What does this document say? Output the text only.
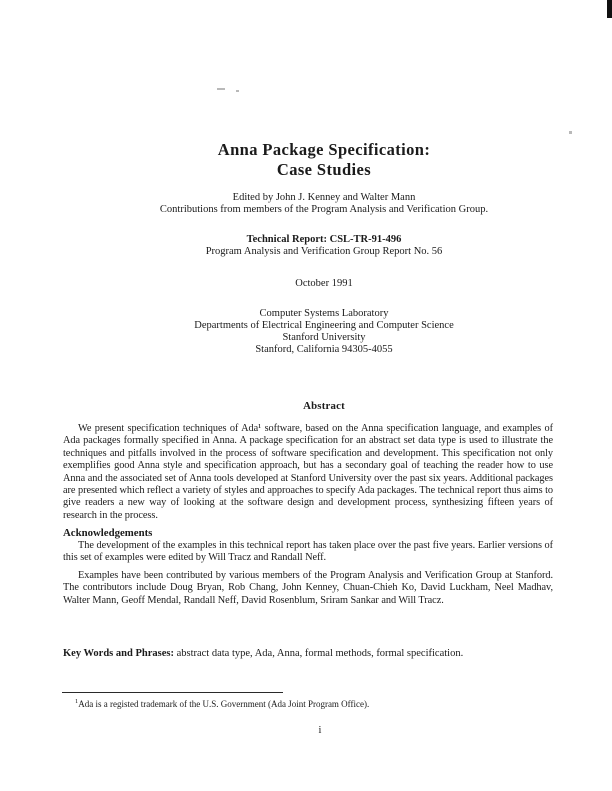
Anna Package Specification:
Case Studies
Edited by John J. Kenney and Walter Mann
Contributions from members of the Program Analysis and Verification Group.
Technical Report: CSL-TR-91-496
Program Analysis and Verification Group Report No. 56
October 1991
Computer Systems Laboratory
Departments of Electrical Engineering and Computer Science
Stanford University
Stanford, California 94305-4055
Abstract

We present specification techniques of Ada¹ software, based on the Anna specification language, and examples of Ada packages formally specified in Anna. A package specification for an abstract set data type is used to illustrate the techniques and pitfalls involved in the process of software specification and development. This specification not only exemplifies good Anna style and specification approach, but has a secondary goal of teaching the reader how to use Anna and the associated set of Anna tools developed at Stanford University over the past six years. Additional packages are presented which reflect a variety of styles and approaches to specify Ada packages. The technical report thus aims to give readers a new way of looking at the software design and development process, synthesizing fifteen years of research in the process.

Acknowledgements

The development of the examples in this technical report has taken place over the past five years. Earlier versions of this set of examples were edited by Will Tracz and Randall Neff.

Examples have been contributed by various members of the Program Analysis and Verification Group at Stanford. The contributors include Doug Bryan, Rob Chang, John Kenney, Chuan-Chieh Ko, David Luckham, Neel Madhav, Walter Mann, Geoff Mendal, Randall Neff, David Rosenblum, Sriram Sankar and Will Tracz.

Key Words and Phrases: abstract data type, Ada, Anna, formal methods, formal specification.
$^1$Ada is a registed trademark of the U.S. Government (Ada Joint Program Office).
i
